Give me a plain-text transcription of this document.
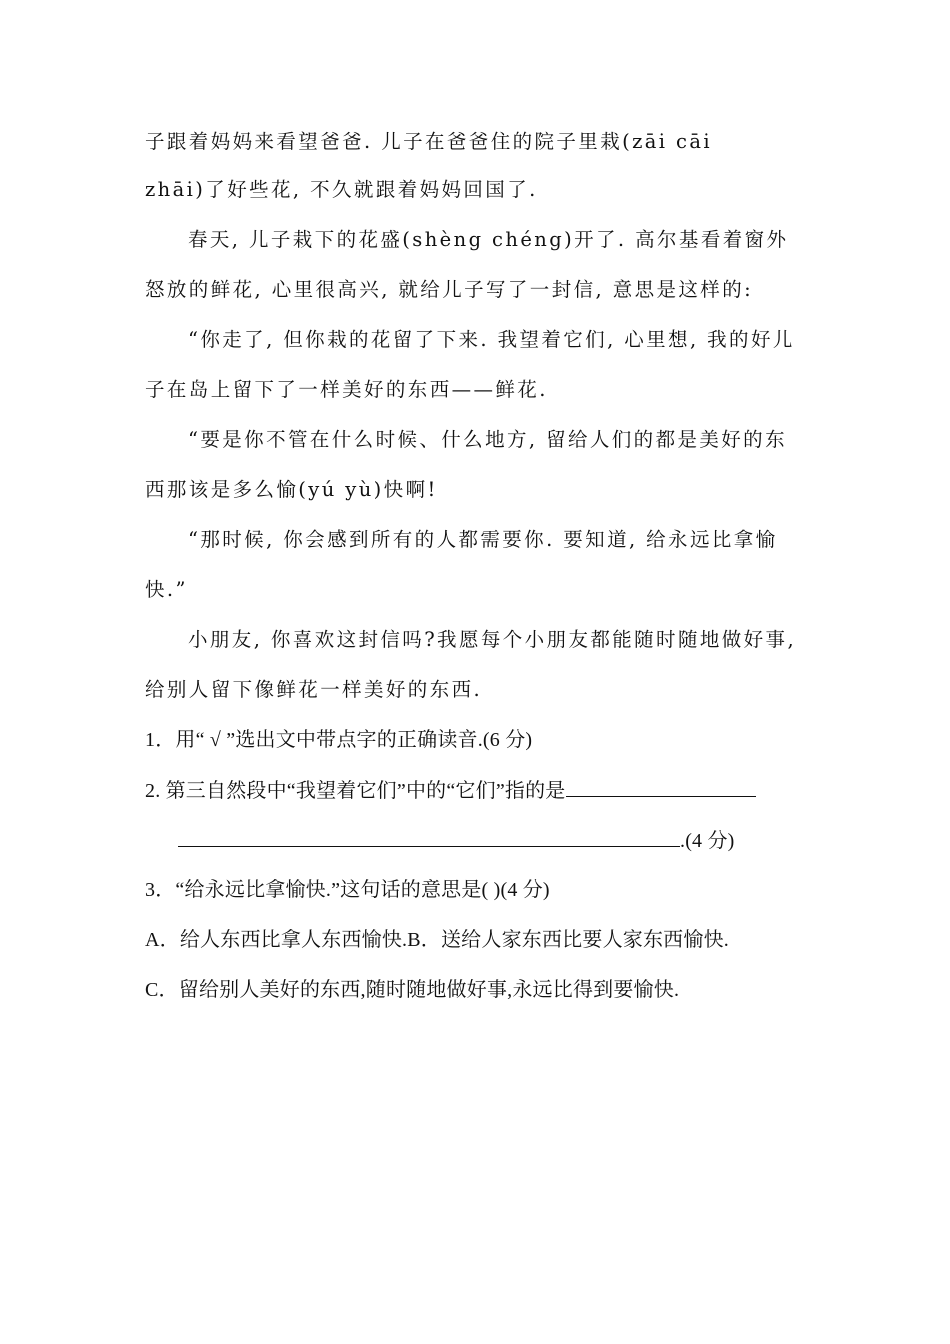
子跟着妈妈来看望爸爸. 儿子在爸爸住的院子里栽(zāi cāi
zhāi)了好些花, 不久就跟着妈妈回国了.
春天, 儿子栽下的花盛(shèng chéng)开了. 高尔基看着窗外
怒放的鲜花, 心里很高兴, 就给儿子写了一封信, 意思是这样的:
“你走了, 但你栽的花留了下来. 我望着它们, 心里想, 我的好儿
子在岛上留下了一样美好的东西——鲜花.
“要是你不管在什么时候、什么地方, 留给人们的都是美好的东
西那该是多么愉(yú yù)快啊!
“那时候, 你会感到所有的人都需要你. 要知道, 给永远比拿愉
快.”
小朋友, 你喜欢这封信吗?我愿每个小朋友都能随时随地做好事,
给别人留下像鲜花一样美好的东西.
1．用“ √ ”选出文中带点字的正确读音.(6 分)
2. 第三自然段中“我望着它们”中的“它们”指的是
.(4 分)
3．“给永远比拿愉快.”这句话的意思是( )(4 分)
A．给人东西比拿人东西愉快.B．送给人家东西比要人家东西愉快.
C．留给别人美好的东西,随时随地做好事,永远比得到要愉快.
